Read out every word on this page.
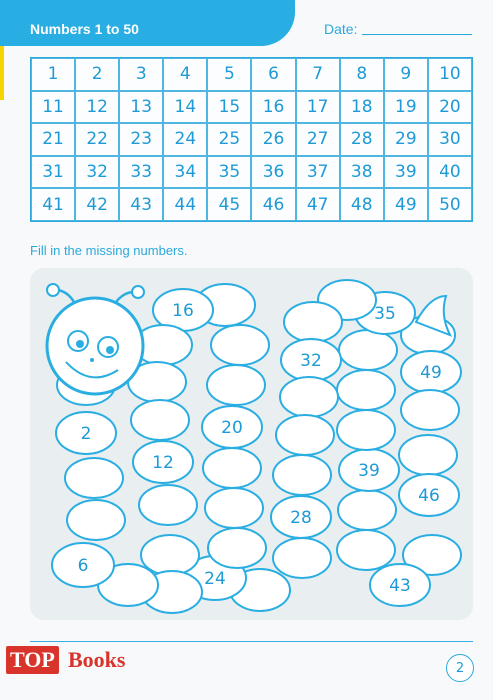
Numbers 1 to 50	Date:
1	2	3	4	5	6	7	8	9	10
11	12	13	14	15	16	17	18	19	20
21	22	23	24	25	26	27	28	29	30
31	32	33	34	35	36	37	38	39	40
41	42	43	44	45	46	47	48	49	50
Fill in the missing numbers.
2
6
12
16
20
24
28
32
35
39
43
46
49
TOP Books	2
